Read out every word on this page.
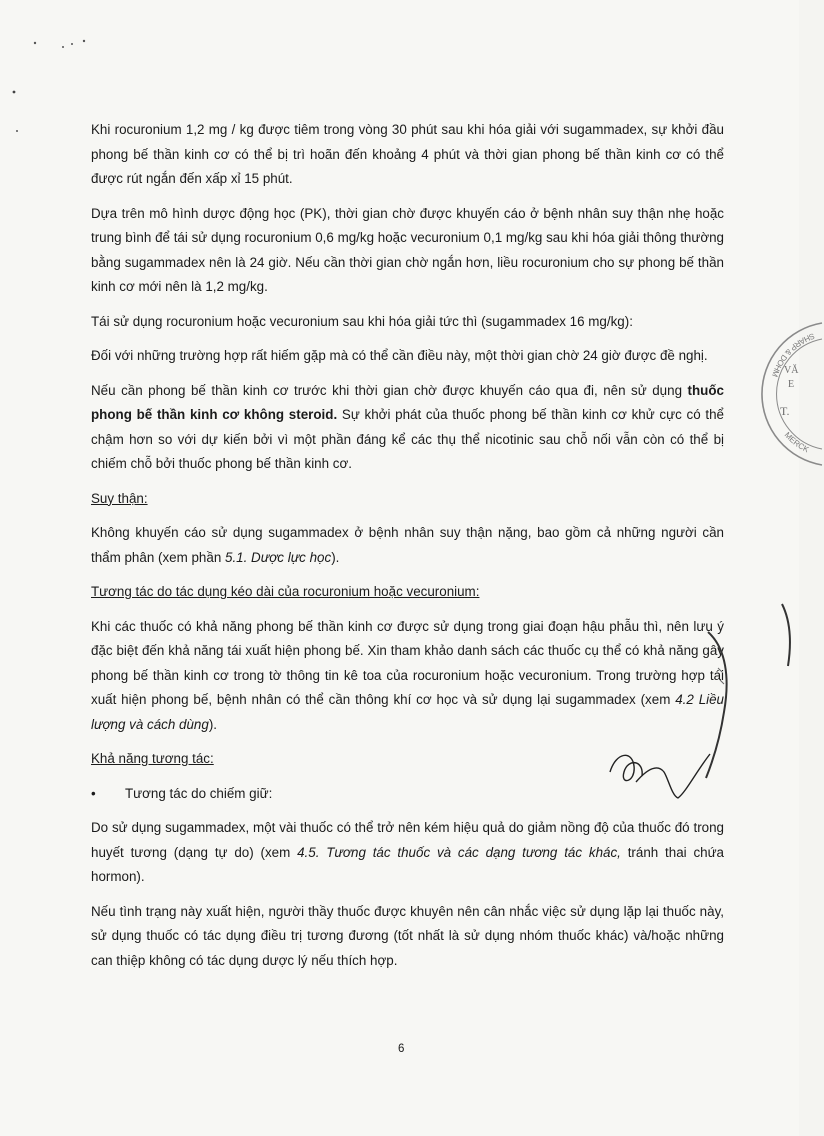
Khi rocuronium 1,2 mg / kg được tiêm trong vòng 30 phút sau khi hóa giải với sugammadex, sự khởi đầu phong bế thần kinh cơ có thể bị trì hoãn đến khoảng 4 phút và thời gian phong bế thần kinh cơ có thể được rút ngắn đến xấp xỉ 15 phút.

Dựa trên mô hình dược động học (PK), thời gian chờ được khuyến cáo ở bệnh nhân suy thận nhẹ hoặc trung bình để tái sử dụng rocuronium 0,6 mg/kg hoặc vecuronium 0,1 mg/kg sau khi hóa giải thông thường bằng sugammadex nên là 24 giờ. Nếu cần thời gian chờ ngắn hơn, liều rocuronium cho sự phong bế thần kinh cơ mới nên là 1,2 mg/kg.

Tái sử dụng rocuronium hoặc vecuronium sau khi hóa giải tức thì (sugammadex 16 mg/kg):

Đối với những trường hợp rất hiếm gặp mà có thể cần điều này, một thời gian chờ 24 giờ được đề nghị.

Nếu cần phong bế thần kinh cơ trước khi thời gian chờ được khuyến cáo qua đi, nên sử dụng thuốc phong bế thần kinh cơ không steroid. Sự khởi phát của thuốc phong bế thần kinh cơ khử cực có thể chậm hơn so với dự kiến bởi vì một phần đáng kể các thụ thể nicotinic sau chỗ nối vẫn còn có thể bị chiếm chỗ bởi thuốc phong bế thần kinh cơ.

Suy thận:

Không khuyến cáo sử dụng sugammadex ở bệnh nhân suy thận nặng, bao gồm cả những người cần thẩm phân (xem phần 5.1. Dược lực học).

Tương tác do tác dụng kéo dài của rocuronium hoặc vecuronium:

Khi các thuốc có khả năng phong bế thần kinh cơ được sử dụng trong giai đoạn hậu phẫu thì, nên lưu ý đặc biệt đến khả năng tái xuất hiện phong bế. Xin tham khảo danh sách các thuốc cụ thể có khả năng gây phong bế thần kinh cơ trong tờ thông tin kê toa của rocuronium hoặc vecuronium. Trong trường hợp tái xuất hiện phong bế, bệnh nhân có thể cần thông khí cơ học và sử dụng lại sugammadex (xem 4.2 Liều lượng và cách dùng).

Khả năng tương tác:
•	Tương tác do chiếm giữ:

Do sử dụng sugammadex, một vài thuốc có thể trở nên kém hiệu quả do giảm nồng độ của thuốc đó trong huyết tương (dạng tự do) (xem 4.5. Tương tác thuốc và các dạng tương tác khác, tránh thai chứa hormon).

Nếu tình trạng này xuất hiện, người thầy thuốc được khuyên nên cân nhắc việc sử dụng lặp lại thuốc này, sử dụng thuốc có tác dụng điều trị tương đương (tốt nhất là sử dụng nhóm thuốc khác) và/hoặc những can thiệp không có tác dụng dược lý nếu thích hợp.

6
SHARP & DOHM
MERCK
VĂ
E
T.
